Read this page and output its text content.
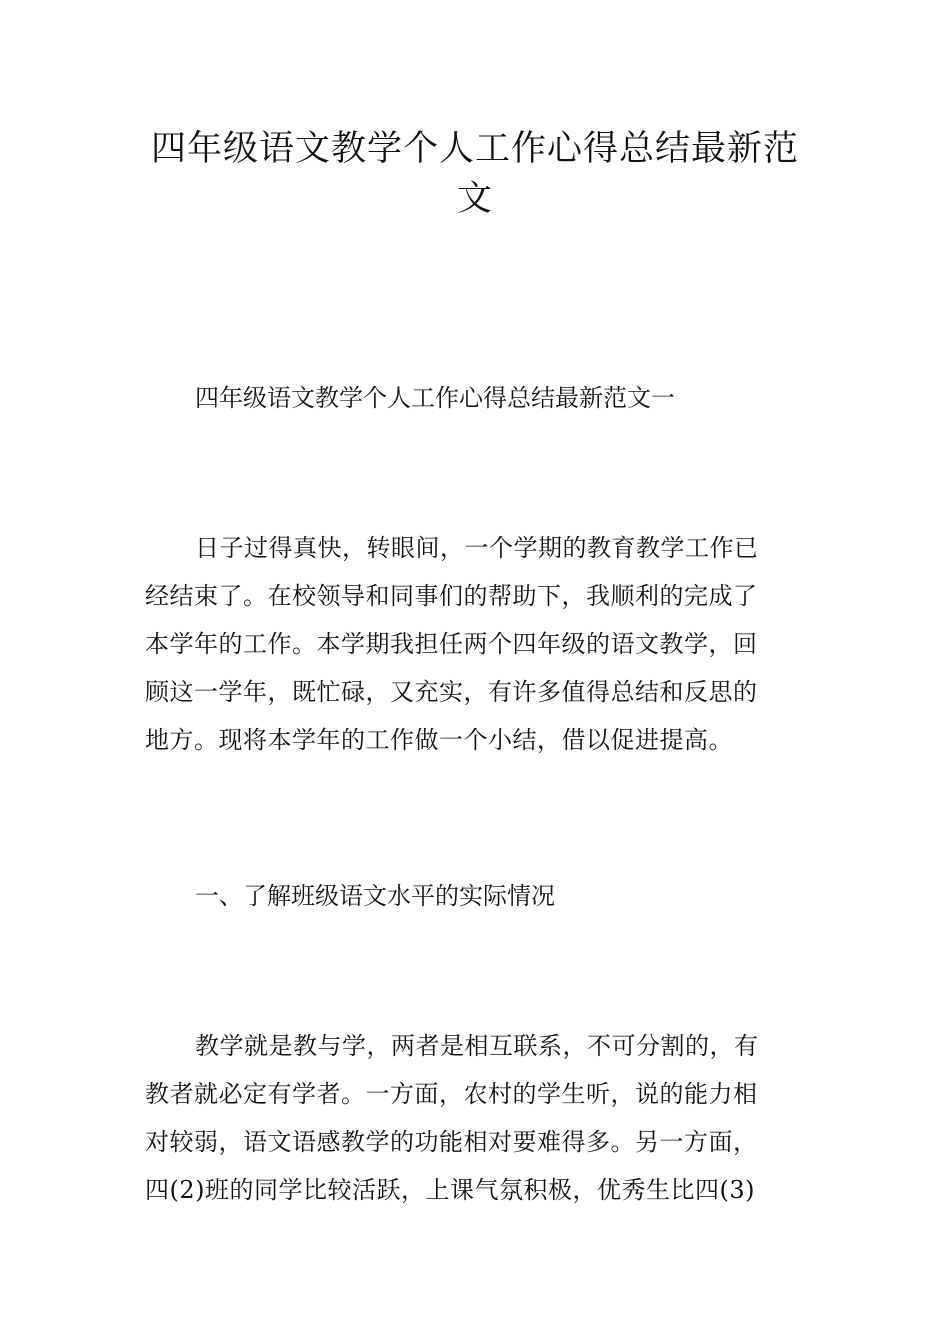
四年级语文教学个人工作心得总结最新范
文

四年级语文教学个人工作心得总结最新范文一

日子过得真快，转眼间，一个学期的教育教学工作已
经结束了。在校领导和同事们的帮助下，我顺利的完成了
本学年的工作。本学期我担任两个四年级的语文教学，回
顾这一学年，既忙碌，又充实，有许多值得总结和反思的
地方。现将本学年的工作做一个小结，借以促进提高。

一、了解班级语文水平的实际情况

教学就是教与学，两者是相互联系，不可分割的，有
教者就必定有学者。一方面，农村的学生听，说的能力相
对较弱，语文语感教学的功能相对要难得多。另一方面，
四(2)班的同学比较活跃，上课气氛积极，优秀生比四(3)
